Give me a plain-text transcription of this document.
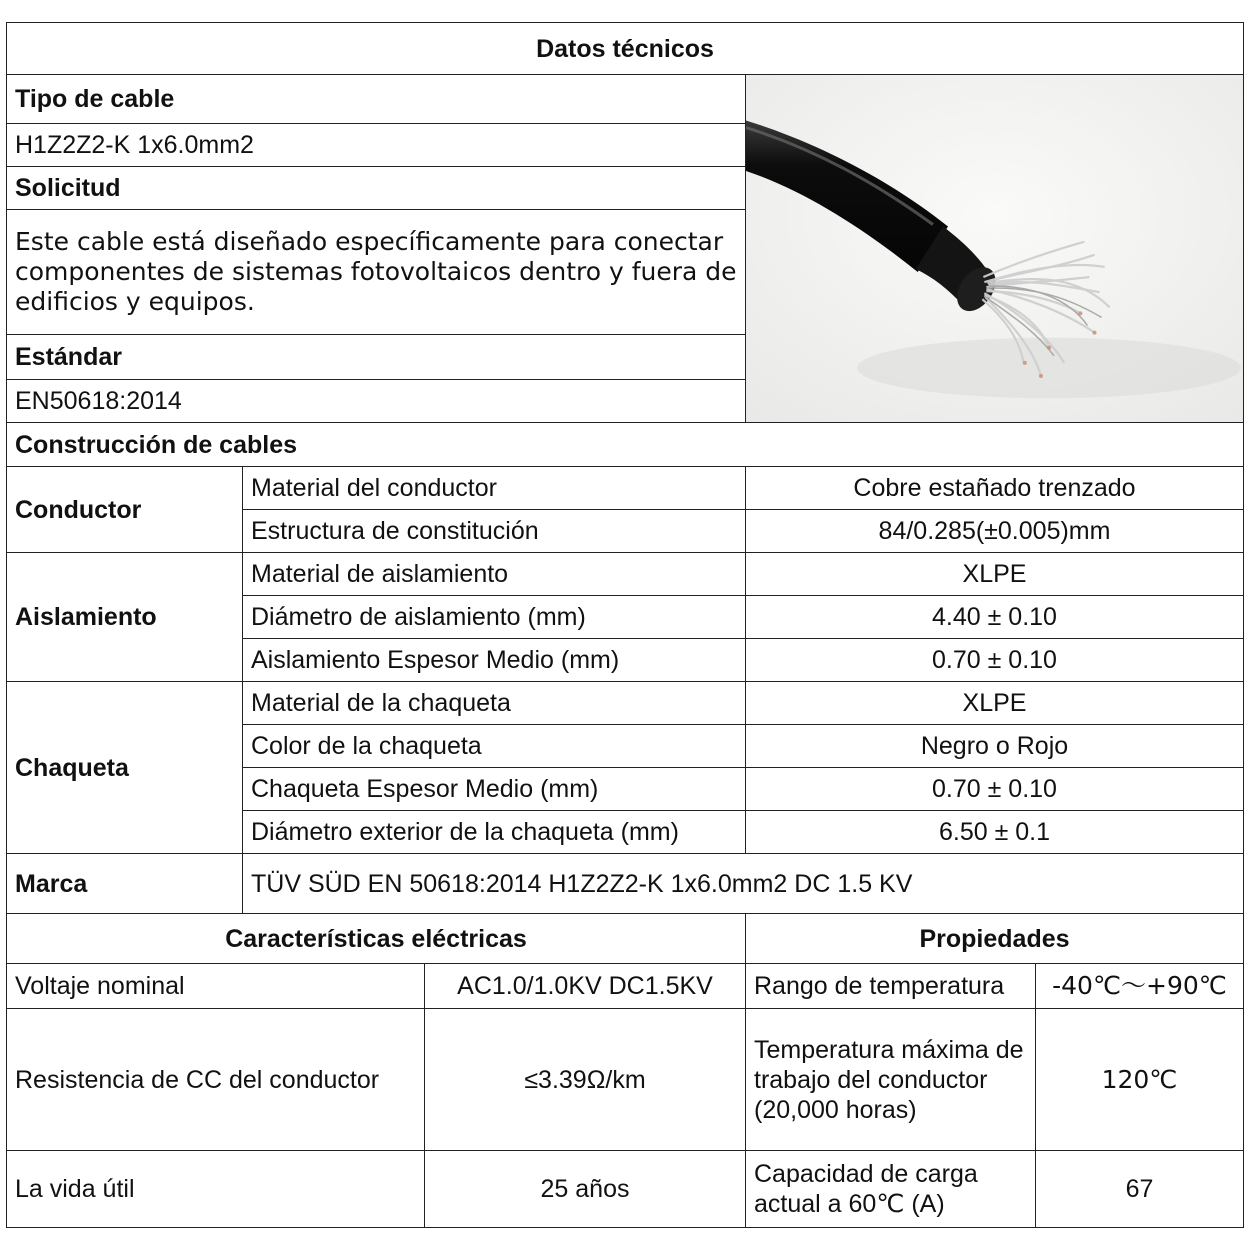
Datos técnicos				
Tipo de cable	

H1Z2Z2-K 1x6.0mm2				
Solicitud				
Este cable está diseñado específicamente para conectar componentes de sistemas fotovoltaicos dentro y fuera de edificios y equipos.				
Estándar				
EN50618:2014				

Construcción de cables				
Conductor	Material del conductor		Cobre estañado trenzado	
	Estructura de constitución		84/0.285(±0.005)mm	
Aislamiento	Material de aislamiento		XLPE	
	Diámetro de aislamiento (mm)		4.40 ± 0.10	
	Aislamiento Espesor Medio (mm)		0.70 ± 0.10	
Chaqueta	Material de la chaqueta		XLPE	
	Color de la chaqueta		Negro o Rojo	
	Chaqueta Espesor Medio (mm)		0.70 ± 0.10	
	Diámetro exterior de la chaqueta (mm)		6.50 ± 0.1	
Marca	TÜV SÜD EN 50618:2014 H1Z2Z2-K 1x6.0mm2 DC 1.5 KV			
Características eléctricas			Propiedades	
Voltaje nominal		AC1.0/1.0KV DC1.5KV	Rango de temperatura	-40℃～+90℃
Resistencia de CC del conductor		≤3.39Ω/km	Temperatura máxima de trabajo del conductor (20,000 horas)	120℃
La vida útil		25 años	Capacidad de carga actual a 60℃ (A)	67
